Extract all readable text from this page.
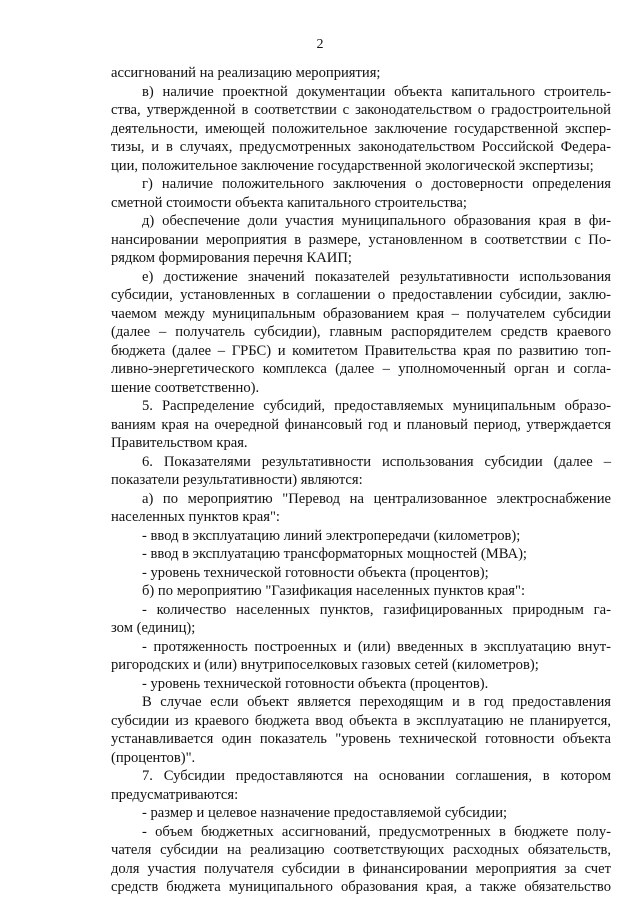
2
ассигнований на реализацию мероприятия;
в) наличие проектной документации объекта капитального строитель-
ства, утвержденной в соответствии с законодательством о градостроительной
деятельности, имеющей положительное заключение государственной экспер-
тизы, и в случаях, предусмотренных законодательством Российской Федера-
ции, положительное заключение государственной экологической экспертизы;
г) наличие положительного заключения о достоверности определения
сметной стоимости объекта капитального строительства;
д) обеспечение доли участия муниципального образования края в фи-
нансировании мероприятия в размере, установленном в соответствии с По-
рядком формирования перечня КАИП;
е) достижение значений показателей результативности использования
субсидии, установленных в соглашении о предоставлении субсидии, заклю-
чаемом между муниципальным образованием края – получателем субсидии
(далее – получатель субсидии), главным распорядителем средств краевого
бюджета (далее – ГРБС) и комитетом Правительства края по развитию топ-
ливно-энергетического комплекса (далее – уполномоченный орган и согла-
шение соответственно).
5. Распределение субсидий, предоставляемых муниципальным образо-
ваниям края на очередной финансовый год и плановый период, утверждается
Правительством края.
6. Показателями результативности использования субсидии (далее –
показатели результативности) являются:
а) по мероприятию "Перевод на централизованное электроснабжение
населенных пунктов края":
- ввод в эксплуатацию линий электропередачи (километров);
- ввод в эксплуатацию трансформаторных мощностей (МВА);
- уровень технической готовности объекта (процентов);
б) по мероприятию "Газификация населенных пунктов края":
- количество населенных пунктов, газифицированных природным га-
зом (единиц);
- протяженность построенных и (или) введенных в эксплуатацию внут-
ригородских и (или) внутрипоселковых газовых сетей (километров);
- уровень технической готовности объекта (процентов).
В случае если объект является переходящим и в год предоставления
субсидии из краевого бюджета ввод объекта в эксплуатацию не планируется,
устанавливается один показатель "уровень технической готовности объекта
(процентов)".
7. Субсидии предоставляются на основании соглашения, в котором
предусматриваются:
- размер и целевое назначение предоставляемой субсидии;
- объем бюджетных ассигнований, предусмотренных в бюджете полу-
чателя субсидии на реализацию соответствующих расходных обязательств,
доля участия получателя субсидии в финансировании мероприятия за счет
средств бюджета муниципального образования края, а также обязательство
